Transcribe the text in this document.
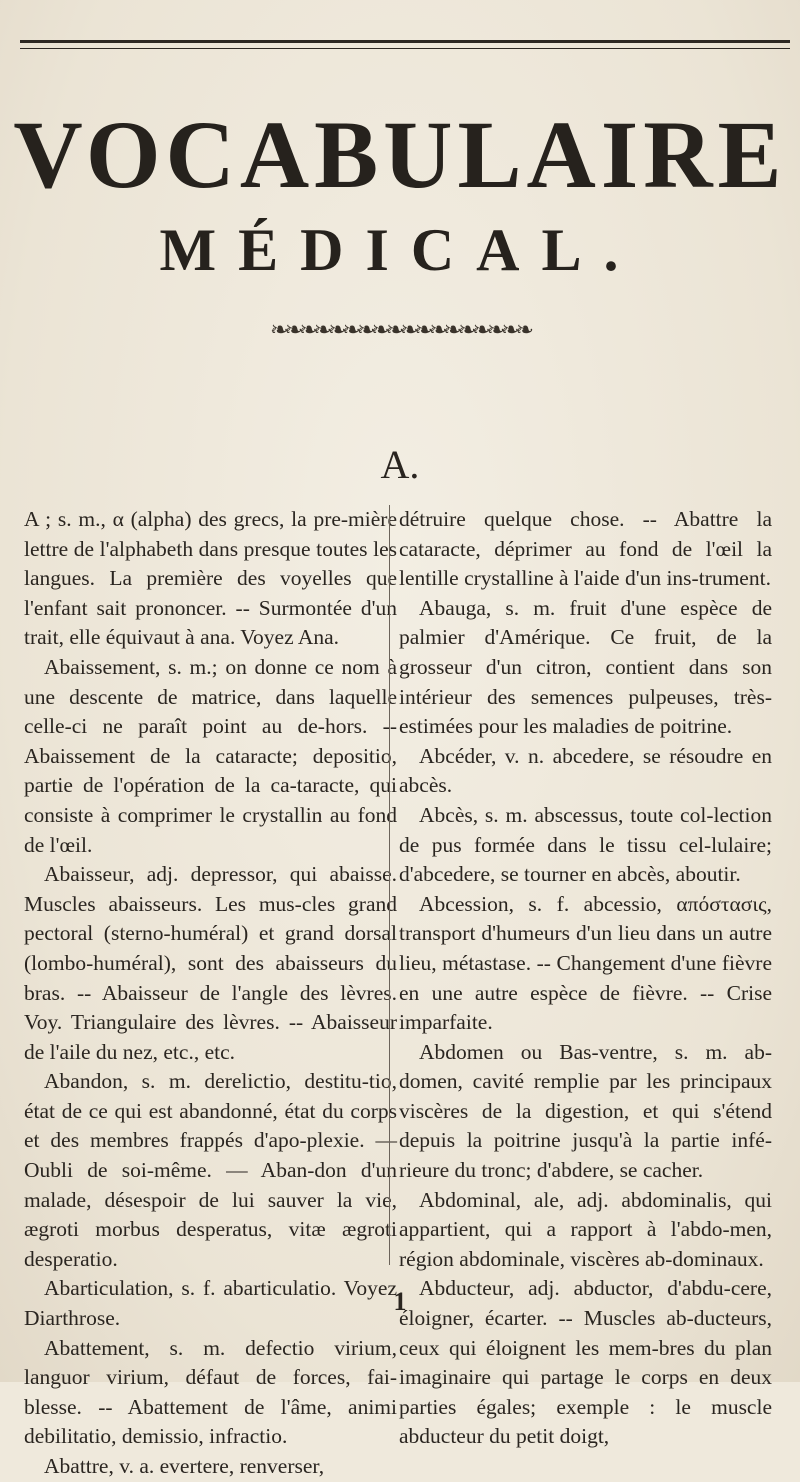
VOCABULAIRE
MÉDICAL.
❧❧❧❧❧❧❧❧❧❧❧❧❧❧❧❧❧❧
A.

A ; s. m., α (alpha) des grecs, la pre-mière lettre de l'alphabeth dans presque toutes les langues. La première des voyelles que l'enfant sait prononcer. -- Surmontée d'un trait, elle équivaut à ana. Voyez Ana.

Abaissement, s. m.; on donne ce nom à une descente de matrice, dans laquelle celle-ci ne paraît point au de-hors. -- Abaissement de la cataracte; depositio, partie de l'opération de la ca-taracte, qui consiste à comprimer le crystallin au fond de l'œil.

Abaisseur, adj. depressor, qui abaisse. Muscles abaisseurs. Les mus-cles grand pectoral (sterno-huméral) et grand dorsal (lombo-huméral), sont des abaisseurs du bras. -- Abaisseur de l'angle des lèvres. Voy. Triangulaire des lèvres. -- Abaisseur de l'aile du nez, etc., etc.

Abandon, s. m. derelictio, destitu-tio, état de ce qui est abandonné, état du corps et des membres frappés d'apo-plexie. — Oubli de soi-même. — Aban-don d'un malade, désespoir de lui sauver la vie, ægroti morbus desperatus, vitæ ægroti desperatio.

Abarticulation, s. f. abarticulatio. Voyez Diarthrose.

Abattement, s. m. defectio virium, languor virium, défaut de forces, fai-blesse. -- Abattement de l'âme, animi debilitatio, demissio, infractio.

Abattre, v. a. evertere, renverser,

détruire quelque chose. -- Abattre la cataracte, déprimer au fond de l'œil la lentille crystalline à l'aide d'un ins-trument.

Abauga, s. m. fruit d'une espèce de palmier d'Amérique. Ce fruit, de la grosseur d'un citron, contient dans son intérieur des semences pulpeuses, très-estimées pour les maladies de poitrine.

Abcéder, v. n. abcedere, se résoudre en abcès.

Abcès, s. m. abscessus, toute col-lection de pus formée dans le tissu cel-lulaire; d'abcedere, se tourner en abcès, aboutir.

Abcession, s. f. abcessio, απόστασις, transport d'humeurs d'un lieu dans un autre lieu, métastase. -- Changement d'une fièvre en une autre espèce de fièvre. -- Crise imparfaite.

Abdomen ou Bas-ventre, s. m. ab-domen, cavité remplie par les principaux viscères de la digestion, et qui s'étend depuis la poitrine jusqu'à la partie infé-rieure du tronc; d'abdere, se cacher.

Abdominal, ale, adj. abdominalis, qui appartient, qui a rapport à l'abdo-men, région abdominale, viscères ab-dominaux.

Abducteur, adj. abductor, d'abdu-cere, éloigner, écarter. -- Muscles ab-ducteurs, ceux qui éloignent les mem-bres du plan imaginaire qui partage le corps en deux parties égales; exemple : le muscle abducteur du petit doigt,

1
